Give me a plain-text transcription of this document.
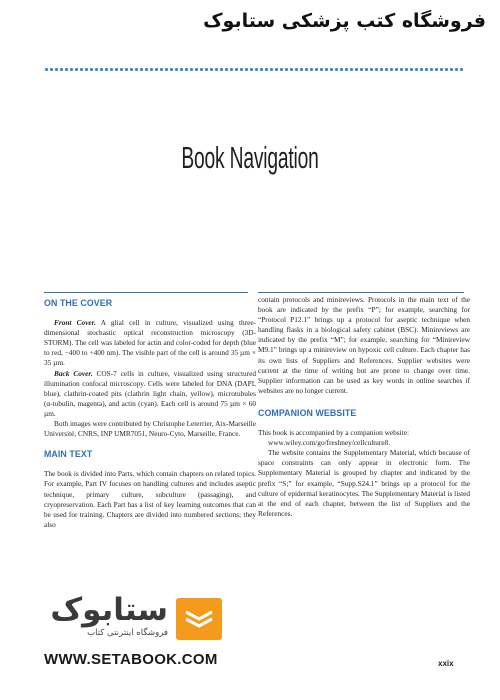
فروشگاه کتب پزشکی ستابوک
Book Navigation
ON THE COVER

Front Cover. A glial cell in culture, visualized using three-dimensional stochastic optical reconstruction microscopy (3D-STORM). The cell was labeled for actin and color-coded for depth (blue to red, −400 to +400 nm). The visible part of the cell is around 35 µm × 35 µm.

Back Cover. COS-7 cells in culture, visualized using structured illumination confocal microscopy. Cells were labeled for DNA (DAPI, blue), clathrin-coated pits (clathrin light chain, yellow), microtubules (α-tubulin, magenta), and actin (cyan). Each cell is around 75 µm × 60 µm.

Both images were contributed by Christophe Leterrier, Aix-Marseille Université, CNRS, INP UMR7051, Neuro-Cyto, Marseille, France.

MAIN TEXT

The book is divided into Parts, which contain chapters on related topics. For example, Part IV focuses on handling cultures and includes aseptic technique, primary culture, subculture (passaging), and cryopreservation. Each Part has a list of key learning outcomes that can be used for training. Chapters are divided into numbered sections; they also

contain protocols and minireviews. Protocols in the main text of the book are indicated by the prefix “P”; for example, searching for “Protocol P12.1” brings up a protocol for aseptic technique when handling flasks in a biological safety cabinet (BSC). Minireviews are indicated by the prefix “M”; for example, searching for “Minireview M9.1” brings up a minireview on hypoxic cell culture. Each chapter has its own lists of Suppliers and References. Supplier websites were current at the time of writing but are prone to change over time. Supplier information can be used as key words in online searches if websites are no longer current.

COMPANION WEBSITE

This book is accompanied by a companion website:

www.wiley.com/go/freshney/cellculture8.

The website contains the Supplementary Material, which because of space constraints can only appear in electronic form. The Supplementary Material is grouped by chapter and indicated by the prefix “S;” for example, “Supp.S24.1” brings up a protocol for the culture of epidermal keratinocytes. The Supplementary Material is listed at the end of each chapter, between the list of Suppliers and the References.

ستابوک
فروشگاه اینترنتی کتاب
WWW.SETABOOK.COM	xxix
